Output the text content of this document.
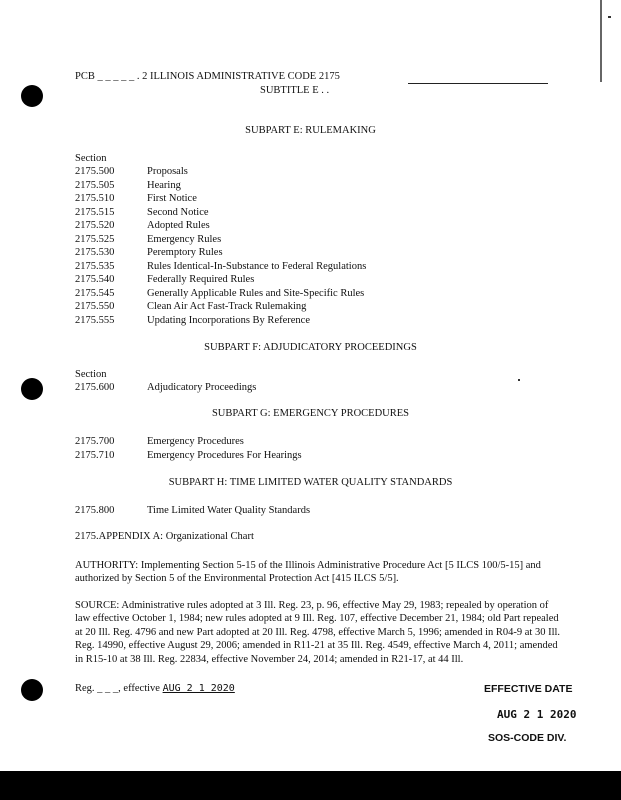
PCB _ _ _ _ _ . 2 ILLINOIS ADMINISTRATIVE CODE 2175
SUBTITLE E . .
SUBPART E: RULEMAKING
Section
2175.500	Proposals
2175.505	Hearing
2175.510	First Notice
2175.515	Second Notice
2175.520	Adopted Rules
2175.525	Emergency Rules
2175.530	Peremptory Rules
2175.535	Rules Identical-In-Substance to Federal Regulations
2175.540	Federally Required Rules
2175.545	Generally Applicable Rules and Site-Specific Rules
2175.550	Clean Air Act Fast-Track Rulemaking
2175.555	Updating Incorporations By Reference
SUBPART F: ADJUDICATORY PROCEEDINGS
Section
2175.600	Adjudicatory Proceedings
SUBPART G: EMERGENCY PROCEDURES
2175.700	Emergency Procedures
2175.710	Emergency Procedures For Hearings
SUBPART H: TIME LIMITED WATER QUALITY STANDARDS
2175.800	Time Limited Water Quality Standards
2175.APPENDIX A: Organizational Chart
AUTHORITY: Implementing Section 5-15 of the Illinois Administrative Procedure Act [5 ILCS 100/5-15] and authorized by Section 5 of the Environmental Protection Act [415 ILCS 5/5].
SOURCE: Administrative rules adopted at 3 Ill. Reg. 23, p. 96, effective May 29, 1983; repealed by operation of law effective October 1, 1984; new rules adopted at 9 Ill. Reg. 107, effective December 21, 1984; old Part repealed at 20 Ill. Reg. 4796 and new Part adopted at 20 Ill. Reg. 4798, effective March 5, 1996; amended in R04-9 at 30 Ill. Reg. 14990, effective August 29, 2006; amended in R11-21 at 35 Ill. Reg. 4549, effective March 4, 2011; amended in R15-10 at 38 Ill. Reg. 22834, effective November 24, 2014; amended in R21-17, at 44 Ill.
Reg. _ _ _, effective AUG 2 1 2020	EFFECTIVE DATE
AUG 2 1 2020
SOS-CODE DIV.
